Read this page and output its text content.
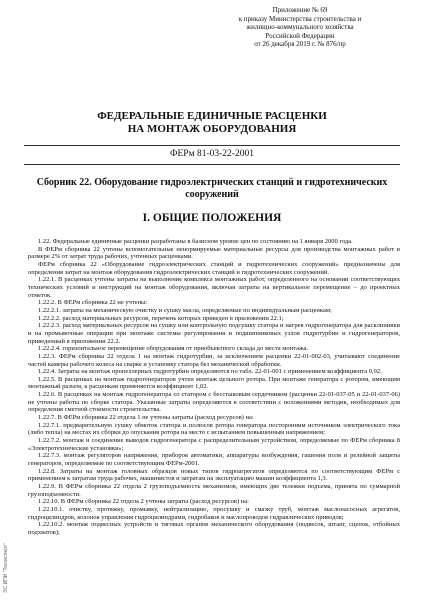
Приложение № 69
к приказу Министерства строительства и
жилищно-коммунального хозяйства
Российской Федерации
от 26 декабря 2019 г. № 876/пр
ФЕДЕРАЛЬНЫЕ ЕДИНИЧНЫЕ РАСЦЕНКИ
НА МОНТАЖ ОБОРУДОВАНИЯ
ФЕРм 81-03-22-2001
Сборник 22. Оборудование гидроэлектрических станций и гидротехнических сооружений
I. ОБЩИЕ ПОЛОЖЕНИЯ

1.22. Федеральные единичные расценки разработаны в базисном уровне цен по состоянию на 1 января 2000 года.

В ФЕРм сборника 22 учтены вспомогательные ненормируемые материальные ресурсы для производства монтажных работ в размере 2% от затрат труда рабочих, учтенных расценками.

ФЕРм сборника 22 «Оборудование гидроэлектрических станций и гидротехнических сооружений» предназначены для определения затрат на монтаж оборудования гидроэлектрических станций и гидротехнических сооружений.

1.22.1. В расценках учтены затраты на выполнение комплекса монтажных работ, определенного на основании соответствующих технических условий и инструкций на монтаж оборудования, включая затраты на вертикальное перемещение – до проектных отметок.

1.22.2. В ФЕРм сборника 22 не учтены:

1.22.2.1. затраты на механическую очистку и сушку масла, определяемые по индивидуальным расценкам;

1.22.2.2. расход материальных ресурсов, перечень которых приведен в приложении 22.1;

1.22.2.3. расход материальных ресурсов на сушку или контрольную подсушку статора и нагрев гидрогенератора для расклинивки и на промывочные операции при монтаже системы регулирования и подшипниковых узлов гидротурбин и гидрогенераторов, приведенный в приложении 22.2.

1.22.2.4. горизонтальное перемещение оборудования от приобъектного склада до места монтажа.

1.22.3. ФЕРм сборника 22 отдела 1 на монтаж гидротурбин, за исключением расценки 22-01-002-03, учитывают соединение частей камеры рабочего колеса на сварке и установку статора без механической обработки.

1.22.4. Затраты на монтаж пропеллерных гидротурбин определяются по табл. 22-01-001 с применением коэффициента 0,92.

1.22.5. В расценках на монтаж гидрогенераторов учтен монтаж цельного ротора. При монтаже генератора с ротором, имеющим монтажный разъем, к расценкам применяется коэффициент 1,02.

1.22.6. В расценках на монтаж гидрогенератора со статором с бесстыковым сердечником (расценки 22-01-037-05 и 22-01-037-06) не учтены работы по сборке статора. Указанные затраты определяются в соответствии с положениями методик, необходимых для определения сметной стоимости строительства.

1.22.7. В ФЕРм сборника 22 отдела 1 не учтены затраты (расход ресурсов) на:

1.22.7.1. предварительную сушку обмоток статора и полюсов ротора генератора посторонним источником электрического тока (либо тепла) на местах их сборки до опускания ротора на место с испытанием повышенным напряжением;

1.22.7.2. монтаж и соединение выводов гидрогенератора с распределительным устройством, определяемые по ФЕРм сборника 8 «Электротехнические установки»;

1.22.7.3. монтаж регуляторов напряжения, приборов автоматики, аппаратуры возбуждения, гашения поля и релейной защиты генераторов, определяемые по соответствующим ФЕРм-2001.

1.22.8. Затраты на монтаж головных образцов новых типов гидроагрегатов определяются по соответствующим ФЕРм с применением к затратам труда рабочих, машинистов и затратам на эксплуатацию машин коэффициента 1,3.

1.22.9. В ФЕРм сборника 22 отдела 2 грузоподъемность механизмов, имеющих две тележки подъема, принята по суммарной грузоподъемности.

1.22.10. В ФЕРм сборника 22 отдела 2 учтены затраты (расход ресурсов) на:

1.22.10.1. очистку, протяжку, промывку, нейтрализацию, просушку и смазку труб, монтаж маслонасосных агрегатов, гидроцилиндров, колонок управления гидроцилиндрами, гидробаков и маслопроводов гидравлических приводов;

1.22.10.2. монтаж подвесных устройств и тяговых органов механического оборудования (подвесок, штанг, сцепок, отбойных подхватов);

ЭС ИПИ "Техэксперт"
